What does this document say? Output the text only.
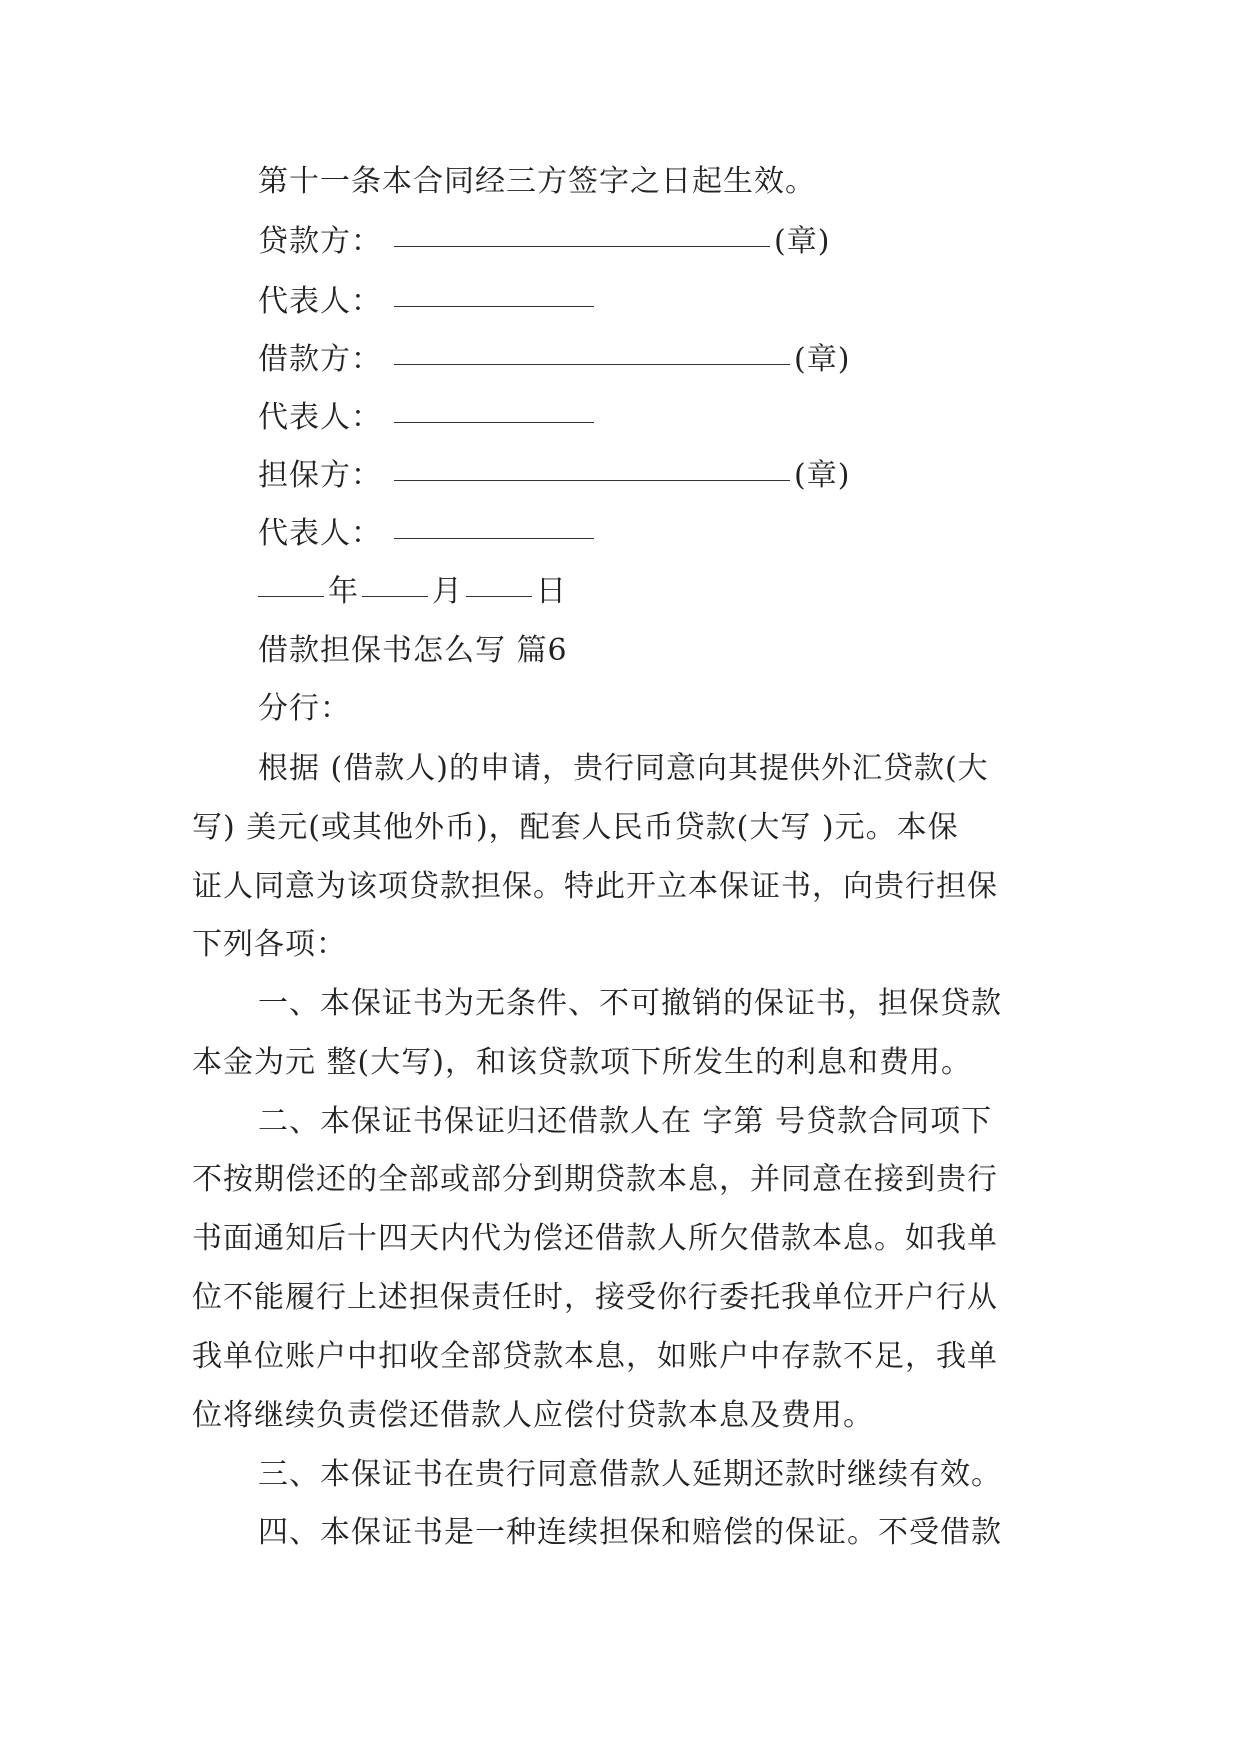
第十一条本合同经三方签字之日起生效。
贷款方：	(章)
代表人：
借款方：	(章)
代表人：
担保方：	(章)
代表人：
年 月 日
借款担保书怎么写 篇6
分行：
根据 (借款人)的申请，贵行同意向其提供外汇贷款(大
写) 美元(或其他外币)，配套人民币贷款(大写 )元。本保
证人同意为该项贷款担保。特此开立本保证书，向贵行担保
下列各项：
一、本保证书为无条件、不可撤销的保证书，担保贷款
本金为元 整(大写)，和该贷款项下所发生的利息和费用。
二、本保证书保证归还借款人在 字第 号贷款合同项下
不按期偿还的全部或部分到期贷款本息，并同意在接到贵行
书面通知后十四天内代为偿还借款人所欠借款本息。如我单
位不能履行上述担保责任时，接受你行委托我单位开户行从
我单位账户中扣收全部贷款本息，如账户中存款不足，我单
位将继续负责偿还借款人应偿付贷款本息及费用。
三、本保证书在贵行同意借款人延期还款时继续有效。
四、本保证书是一种连续担保和赔偿的保证。不受借款
